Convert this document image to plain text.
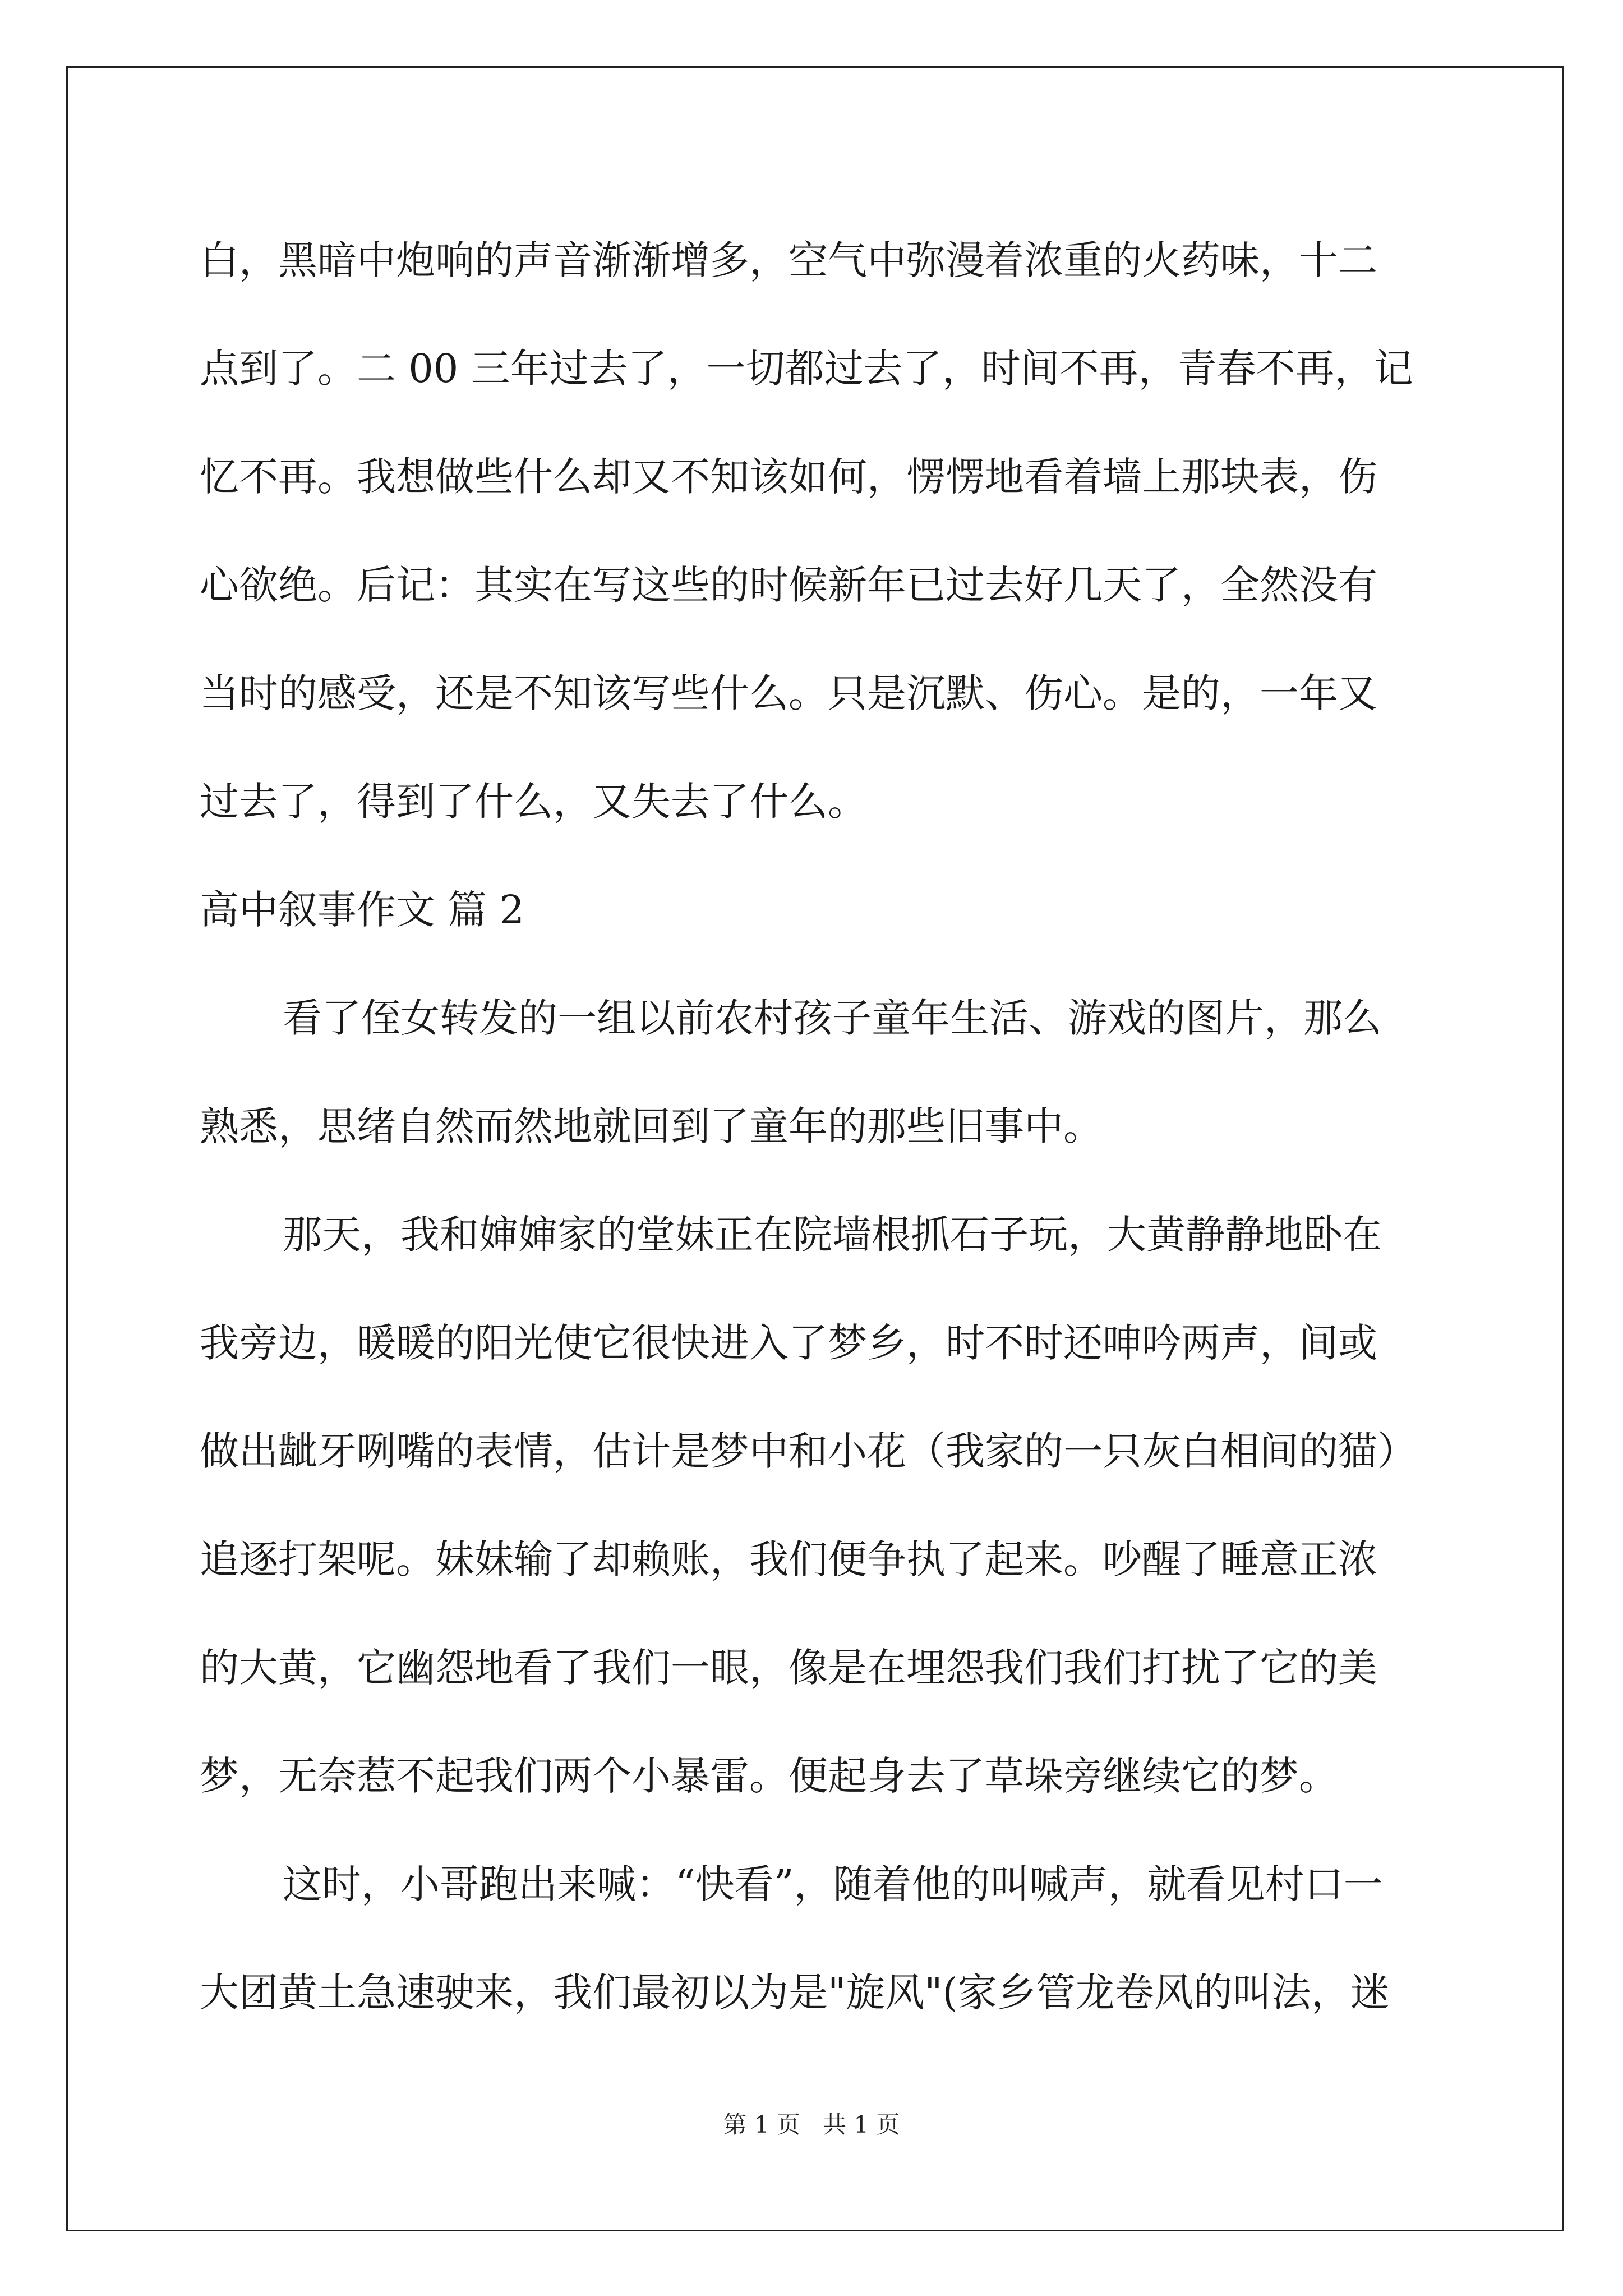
白，黑暗中炮响的声音渐渐增多，空气中弥漫着浓重的火药味，十二
点到了。二 00 三年过去了，一切都过去了，时间不再，青春不再，记
忆不再。我想做些什么却又不知该如何，愣愣地看着墙上那块表，伤
心欲绝。后记：其实在写这些的时候新年已过去好几天了，全然没有
当时的感受，还是不知该写些什么。只是沉默、伤心。是的，一年又
过去了，得到了什么，又失去了什么。
高中叙事作文 篇 2
看了侄女转发的一组以前农村孩子童年生活、游戏的图片，那么
熟悉，思绪自然而然地就回到了童年的那些旧事中。
那天，我和婶婶家的堂妹正在院墙根抓石子玩，大黄静静地卧在
我旁边，暖暖的阳光使它很快进入了梦乡，时不时还呻吟两声，间或
做出龇牙咧嘴的表情，估计是梦中和小花（我家的一只灰白相间的猫）
追逐打架呢。妹妹输了却赖账，我们便争执了起来。吵醒了睡意正浓
的大黄，它幽怨地看了我们一眼，像是在埋怨我们我们打扰了它的美
梦，无奈惹不起我们两个小暴雷。便起身去了草垛旁继续它的梦。
这时，小哥跑出来喊：“快看”，随着他的叫喊声，就看见村口一
大团黄土急速驶来，我们最初以为是"旋风"(家乡管龙卷风的叫法，迷
第 1 页   共 1 页
